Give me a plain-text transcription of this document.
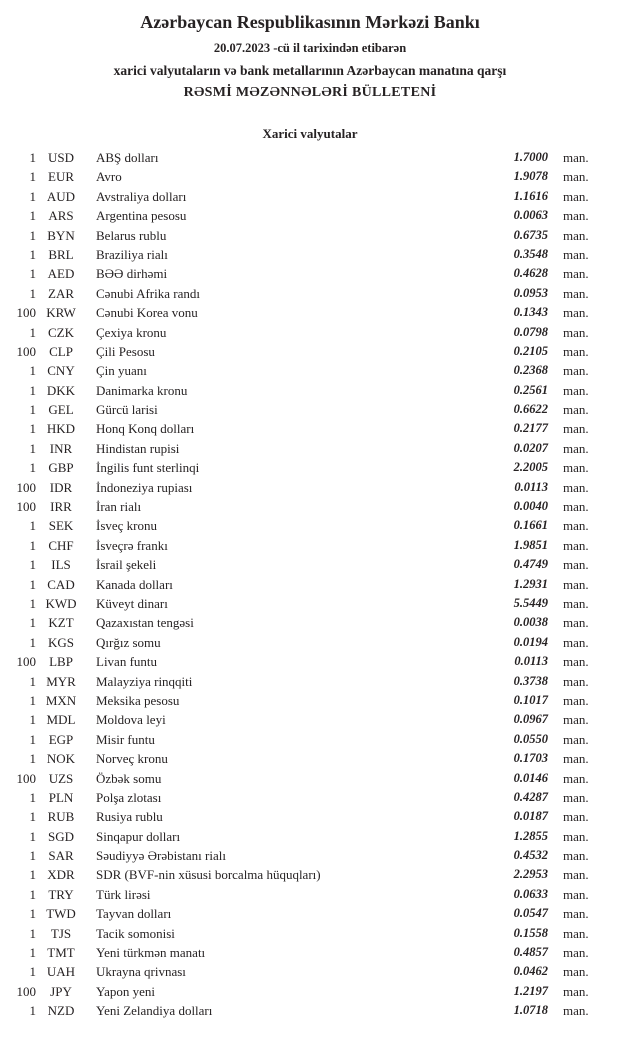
Azərbaycan Respublikasının Mərkəzi Bankı
20.07.2023 -cü il tarixindən etibarən
xarici valyutaların və bank metallarının Azərbaycan manatına qarşı
RƏSMİ MƏZƏNNƏLƏRİ BÜLLETENİ
Xarici valyutalar
1 USD	ABŞ dolları	1.7000	man.
1 EUR	Avro	1.9078	man.
1 AUD	Avstraliya dolları	1.1616	man.
1 ARS	Argentina pesosu	0.0063	man.
1 BYN	Belarus rublu	0.6735	man.
1 BRL	Braziliya rialı	0.3548	man.
1 AED	BƏƏ dirhəmi	0.4628	man.
1 ZAR	Cənubi Afrika randı	0.0953	man.
100 KRW	Cənubi Korea vonu	0.1343	man.
1 CZK	Çexiya kronu	0.0798	man.
100	CLP	Çili Pesosu	0.2105	man.
1 CNY	Çin yuanı	0.2368	man.
1 DKK	Danimarka kronu	0.2561	man.
1 GEL	Gürcü larisi	0.6622	man.
1 HKD	Honq Konq dolları	0.2177	man.
1	INR	Hindistan rupisi	0.0207	man.
1 GBP	İngilis funt sterlinqi	2.2005	man.
100	IDR	İndoneziya rupiası	0.0113	man.
100	IRR	İran rialı	0.0040	man.
1 SEK	İsveç kronu	0.1661	man.
1 CHF	İsveçrə frankı	1.9851	man.
1	ILS	İsrail şekeli	0.4749	man.
1 CAD	Kanada dolları	1.2931	man.
1 KWD	Küveyt dinarı	5.5449	man.
1 KZT	Qazaxıstan tengəsi	0.0038	man.
1 KGS	Qırğız somu	0.0194	man.
100	LBP	Livan funtu	0.0113	man.
1 MYR	Malayziya rinqqiti	0.3738	man.
1 MXN	Meksika pesosu	0.1017	man.
1 MDL	Moldova leyi	0.0967	man.
1 EGP	Misir funtu	0.0550	man.
1 NOK	Norveç kronu	0.1703	man.
100 UZS	Özbək somu	0.0146	man.
1 PLN	Polşa zlotası	0.4287	man.
1 RUB	Rusiya rublu	0.0187	man.
1 SGD	Sinqapur dolları	1.2855	man.
1 SAR	Səudiyyə Ərəbistanı rialı	0.4532	man.
1 XDR	SDR (BVF-nin xüsusi borcalma hüquqları)	2.2953	man.
1 TRY	Türk lirəsi	0.0633	man.
1 TWD	Tayvan dolları	0.0547	man.
1	TJS	Tacik somonisi	0.1558	man.
1 TMT	Yeni türkmən manatı	0.4857	man.
1 UAH	Ukrayna qrivnası	0.0462	man.
100	JPY	Yapon yeni	1.2197	man.
1 NZD	Yeni Zelandiya dolları	1.0718	man.
